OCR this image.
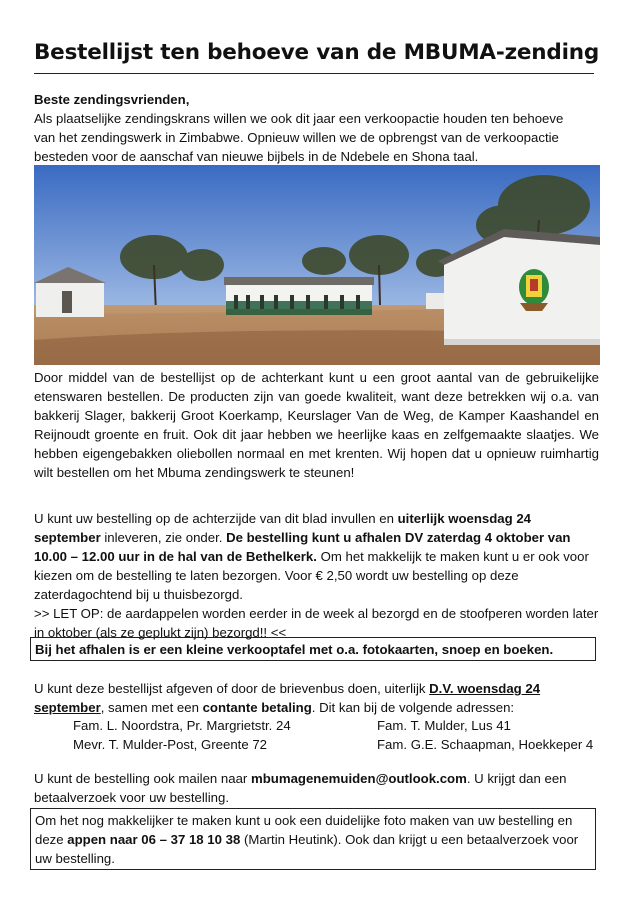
Bestellijst ten behoeve van de MBUMA-zending
Beste zendingsvrienden,
Als plaatselijke zendingskrans willen we ook dit jaar een verkoopactie houden ten behoeve
van het zendingswerk in Zimbabwe. Opnieuw willen we de opbrengst van de verkoopactie
besteden voor de aanschaf van nieuwe bijbels in de Ndebele en Shona taal.
Door middel van de bestellijst op de achterkant kunt u een groot aantal van de gebruikelijke etenswaren bestellen. De producten zijn van goede kwaliteit, want deze betrekken wij o.a. van bakkerij Slager, bakkerij Groot Koerkamp, Keurslager Van de Weg, de Kamper Kaashandel en Reijnoudt groente en fruit. Ook dit jaar hebben we heerlijke kaas en zelfgemaakte slaatjes. We hebben eigengebakken oliebollen normaal en met krenten. Wij hopen dat u opnieuw ruimhartig wilt bestellen om het Mbuma zendingswerk te steunen!
U kunt uw bestelling op de achterzijde van dit blad invullen en uiterlijk woensdag 24 september inleveren, zie onder. De bestelling kunt u afhalen DV zaterdag 4 oktober van 10.00 – 12.00 uur in de hal van de Bethelkerk. Om het makkelijk te maken kunt u er ook voor kiezen om de bestelling te laten bezorgen. Voor € 2,50 wordt uw bestelling op deze zaterdagochtend bij u thuisbezorgd.
>> LET OP: de aardappelen worden eerder in de week al bezorgd en de stoofperen worden later in oktober (als ze geplukt zijn) bezorgd!! <<
Bij het afhalen is er een kleine verkooptafel met o.a. fotokaarten, snoep en boeken.
U kunt deze bestellijst afgeven of door de brievenbus doen, uiterlijk D.V. woensdag 24 september, samen met een contante betaling. Dit kan bij de volgende adressen:
Fam. L. Noordstra, Pr. Margrietstr. 24
Mevr. T. Mulder-Post, Greente 72
Fam. T. Mulder, Lus 41
Fam. G.E. Schaapman, Hoekkeper 4
U kunt de bestelling ook mailen naar mbumagenemuiden@outlook.com. U krijgt dan een betaalverzoek voor uw bestelling.
Om het nog makkelijker te maken kunt u ook een duidelijke foto maken van uw bestelling en deze appen naar 06 – 37 18 10 38 (Martin Heutink). Ook dan krijgt u een betaalverzoek voor uw bestelling.
